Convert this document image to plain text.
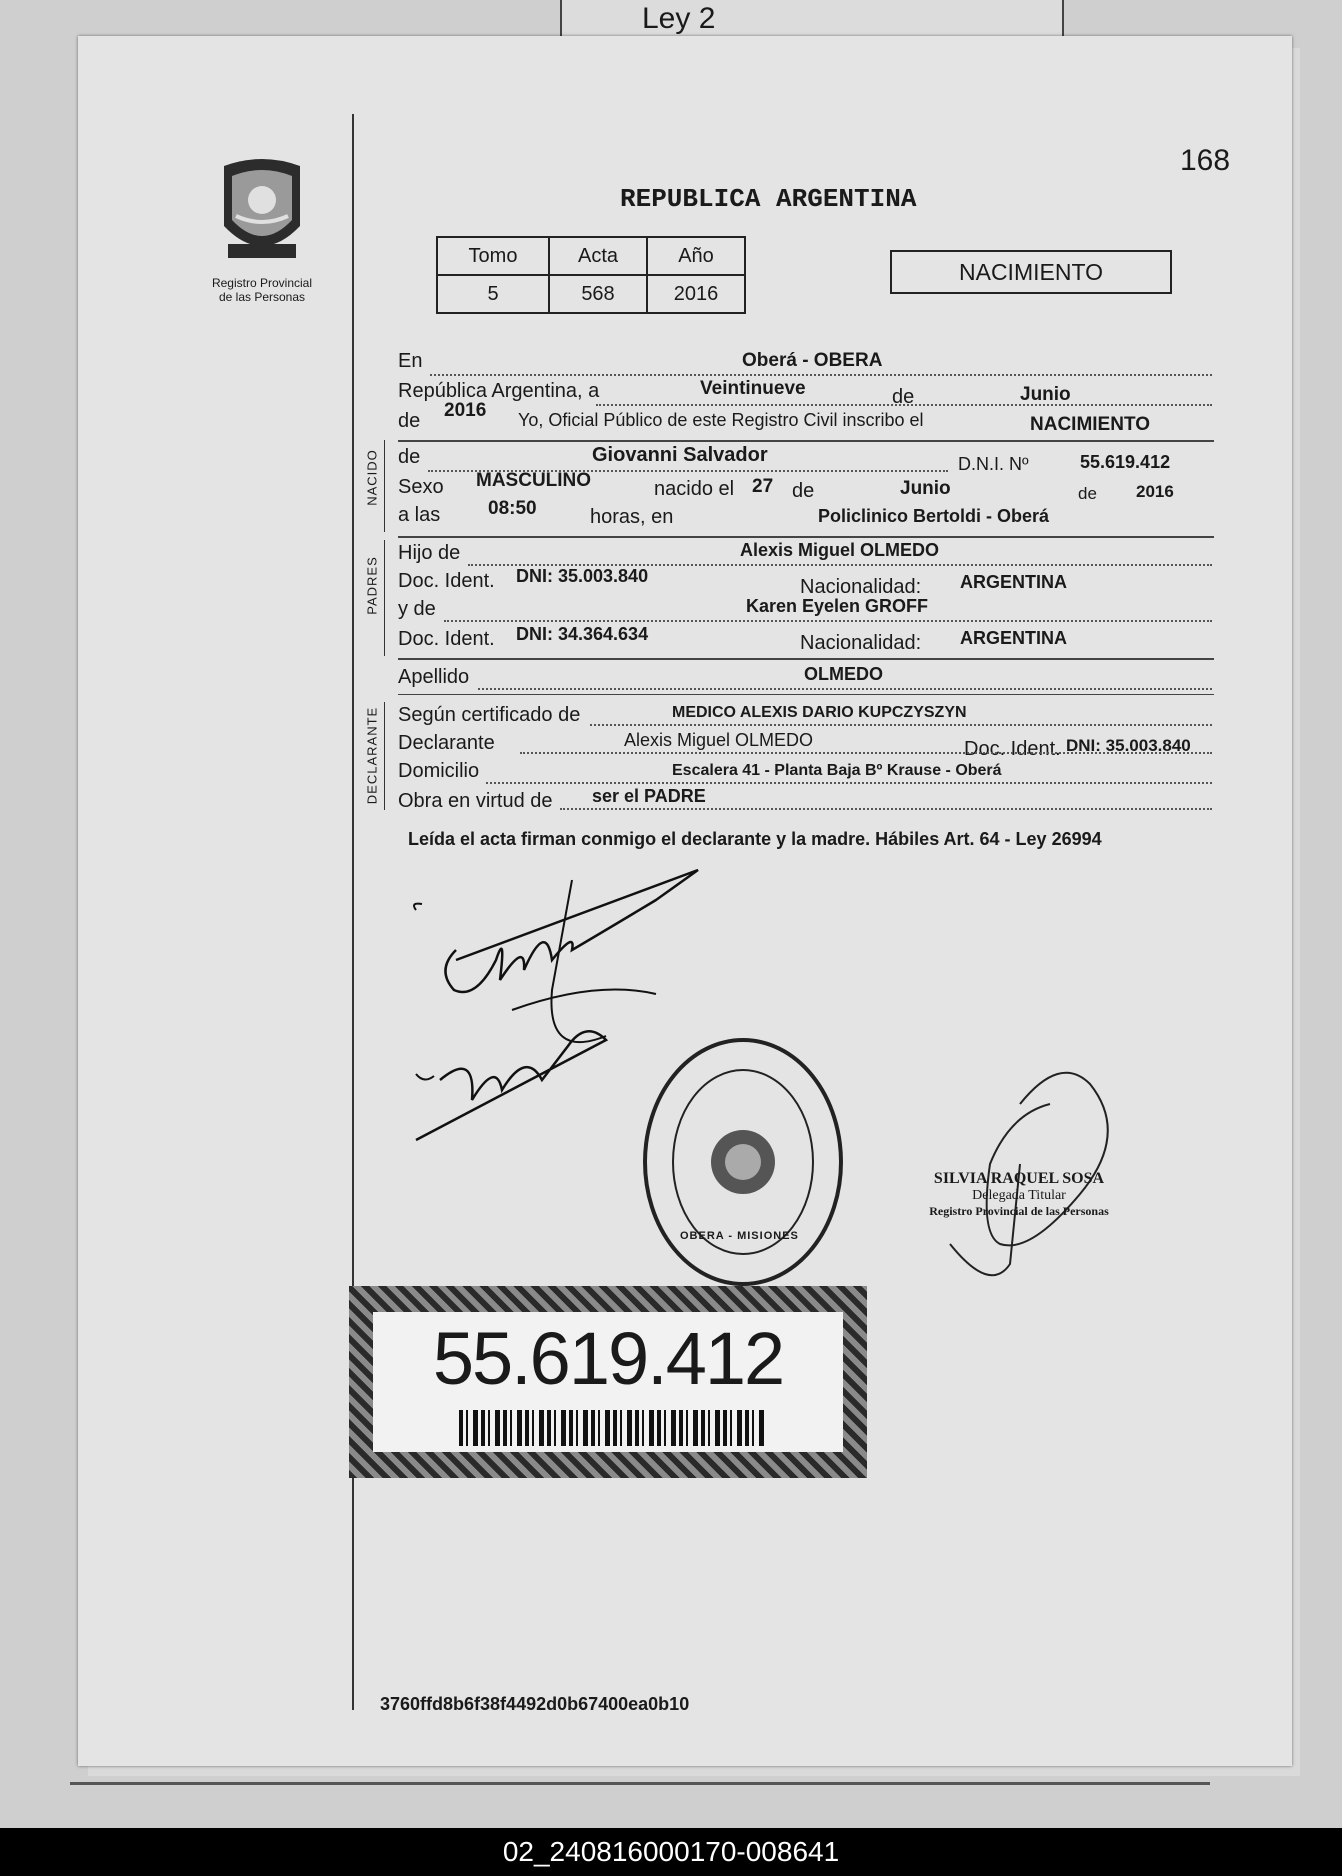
Ley 2
168
Registro Provincial
de las Personas
REPUBLICA ARGENTINA
Tomo	Acta	Año
5	568	2016
NACIMIENTO
En	Oberá - OBERA
República Argentina, a	Veintinueve	de	Junio
de 2016 Yo, Oficial Público de este Registro Civil inscribo el	NACIMIENTO
NACIDO de	Giovanni Salvador	D.N.I. Nº	55.619.412
Sexo MASCULINO	nacido el 27 de	Junio	de 2016
a las	08:50	horas, en	Policlinico Bertoldi - Oberá
PADRES
Hijo de	Alexis Miguel OLMEDO
Doc. Ident. DNI: 35.003.840	Nacionalidad: ARGENTINA
y de	Karen Eyelen GROFF
Doc. Ident. DNI: 34.364.634	Nacionalidad: ARGENTINA
Apellido	OLMEDO
DECLARANTE Según certificado de	MEDICO ALEXIS DARIO KUPCZYSZYN
Declarante	Alexis Miguel OLMEDO	Doc. Ident. DNI: 35.003.840
Domicilio	Escalera 41 - Planta Baja Bº Krause - Oberá
Obra en virtud de ser el PADRE
Leída el acta firman conmigo el declarante y la madre. Hábiles Art. 64 - Ley 26994
OBERA - MISIONES
SILVIA RAQUEL SOSA
Delegada Titular
Registro Provincial de las Personas
55.619.412
3760ffd8b6f38f4492d0b67400ea0b10
02_240816000170-008641
